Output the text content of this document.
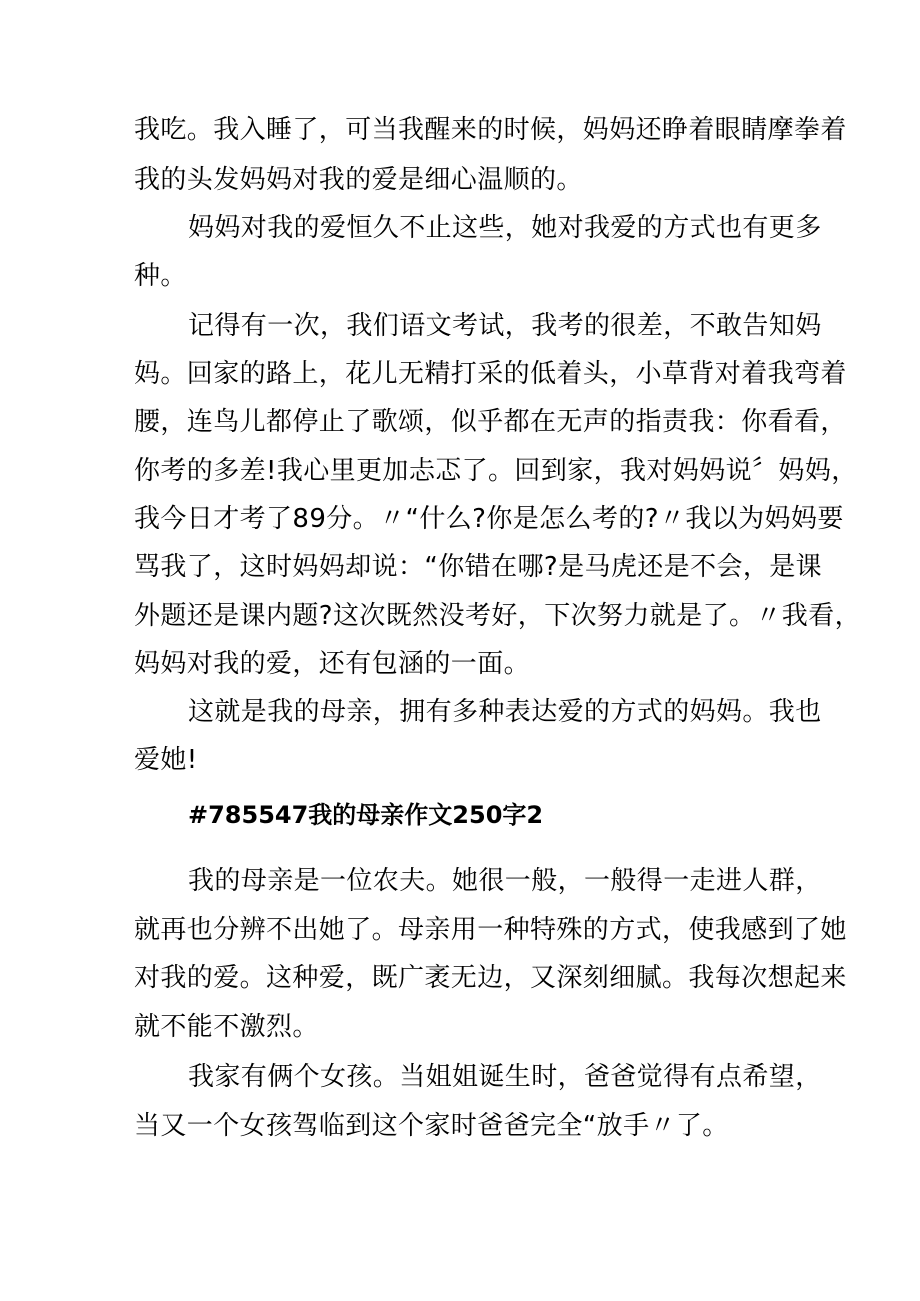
我吃。我入睡了，可当我醒来的时候，妈妈还睁着眼睛摩拳着
我的头发妈妈对我的爱是细心温顺的。
妈妈对我的爱恒久不止这些，她对我爱的方式也有更多
种。
记得有一次，我们语文考试，我考的很差，不敢告知妈
妈。回家的路上，花儿无精打采的低着头，小草背对着我弯着
腰，连鸟儿都停止了歌颂，似乎都在无声的指责我：你看看，
你考的多差!我心里更加忐忑了。回到家，我对妈妈说〞妈妈，
我今日才考了89分。〃“什么?你是怎么考的?〃我以为妈妈要
骂我了，这时妈妈却说：“你错在哪?是马虎还是不会，是课
外题还是课内题?这次既然没考好，下次努力就是了。〃我看，
妈妈对我的爱，还有包涵的一面。
这就是我的母亲，拥有多种表达爱的方式的妈妈。我也
爱她!
#785547我的母亲作文250字2
我的母亲是一位农夫。她很一般，一般得一走进人群，
就再也分辨不出她了。母亲用一种特殊的方式，使我感到了她
对我的爱。这种爱，既广袤无边，又深刻细腻。我每次想起来
就不能不激烈。
我家有俩个女孩。当姐姐诞生时，爸爸觉得有点希望，
当又一个女孩驾临到这个家时爸爸完全“放手〃了。
